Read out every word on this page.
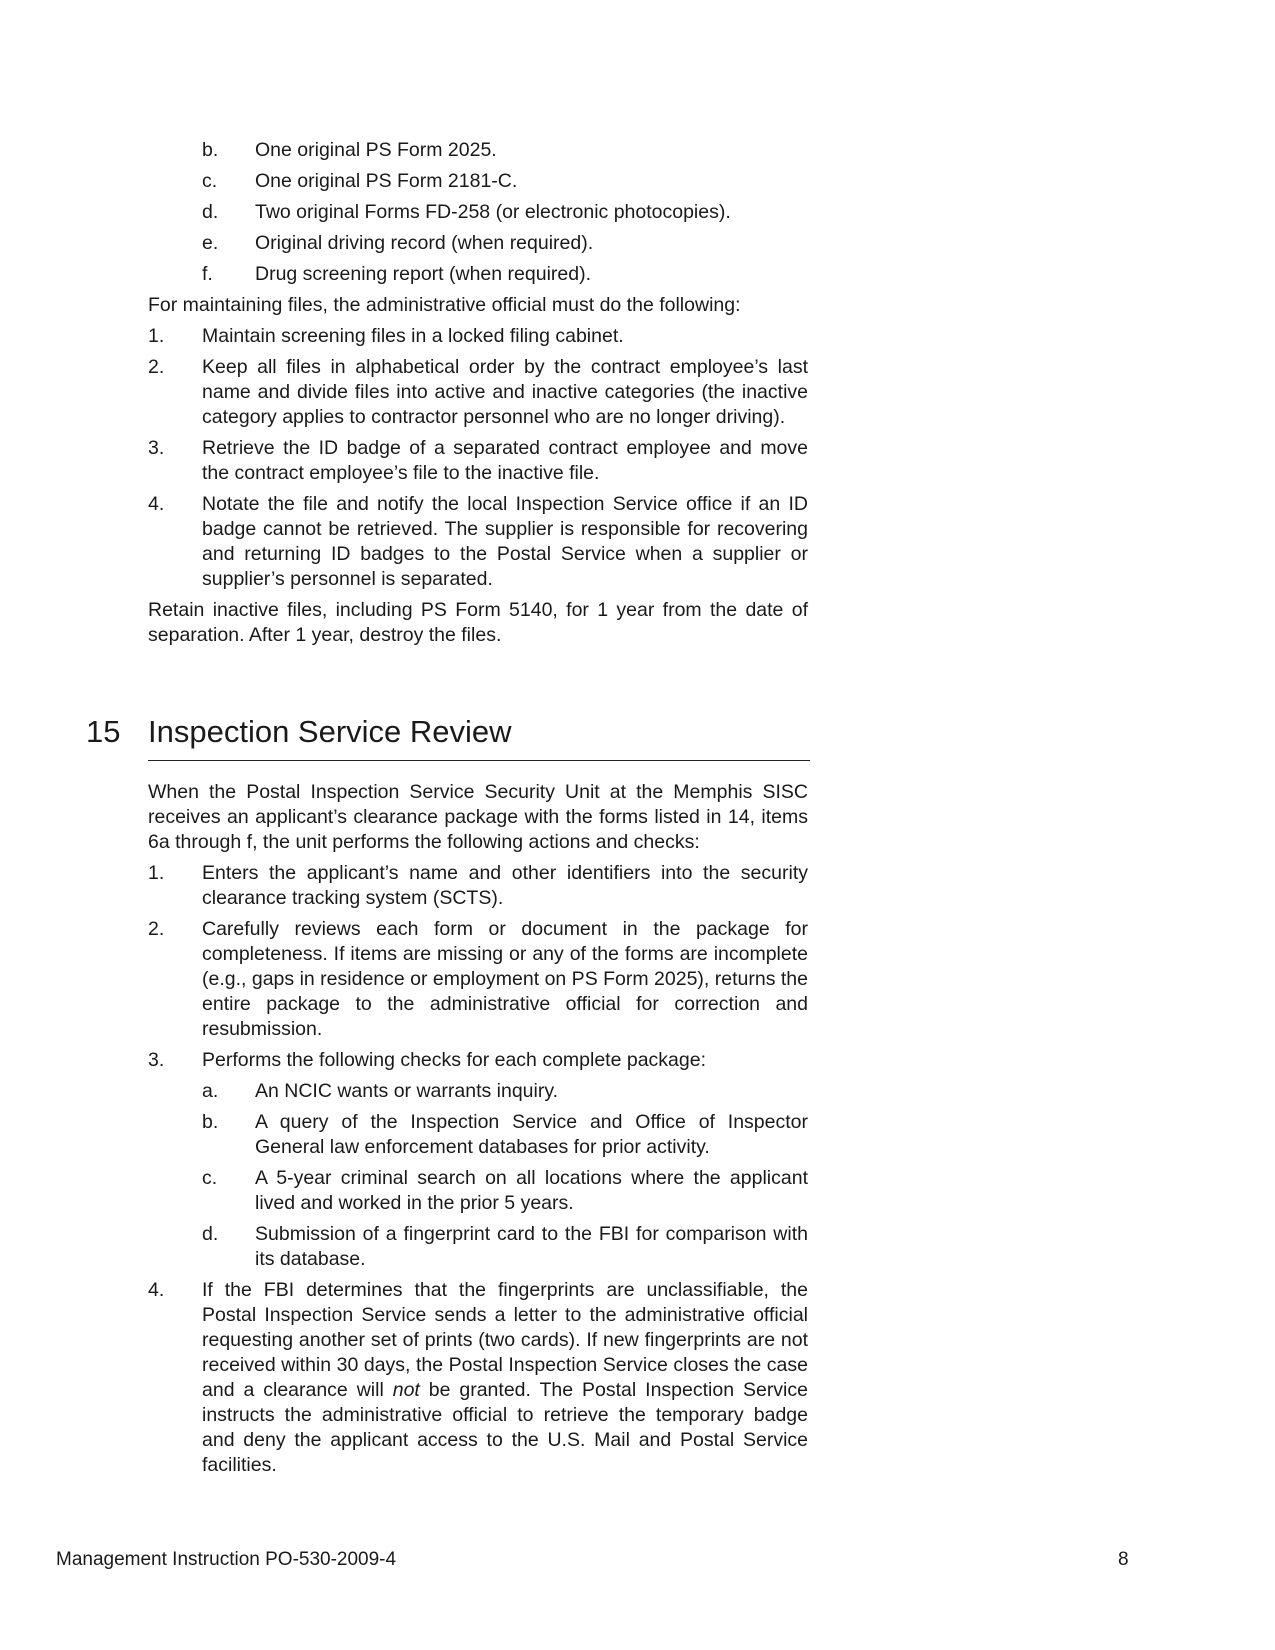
b. One original PS Form 2025.
c. One original PS Form 2181-C.
d. Two original Forms FD-258 (or electronic photocopies).
e. Original driving record (when required).
f. Drug screening report (when required).

For maintaining files, the administrative official must do the following:

1. Maintain screening files in a locked filing cabinet.
2. Keep all files in alphabetical order by the contract employee’s last name and divide files into active and inactive categories (the inactive category applies to contractor personnel who are no longer driving).
3. Retrieve the ID badge of a separated contract employee and move the contract employee’s file to the inactive file.
4. Notate the file and notify the local Inspection Service office if an ID badge cannot be retrieved. The supplier is responsible for recovering and returning ID badges to the Postal Service when a supplier or supplier’s personnel is separated.

Retain inactive files, including PS Form 5140, for 1 year from the date of separation. After 1 year, destroy the files.

15 Inspection Service Review

When the Postal Inspection Service Security Unit at the Memphis SISC receives an applicant’s clearance package with the forms listed in 14, items 6a through f, the unit performs the following actions and checks:

1. Enters the applicant’s name and other identifiers into the security clearance tracking system (SCTS).
2. Carefully reviews each form or document in the package for completeness. If items are missing or any of the forms are incomplete (e.g., gaps in residence or employment on PS Form 2025), returns the entire package to the administrative official for correction and resubmission.
3. Performs the following checks for each complete package:
a. An NCIC wants or warrants inquiry.
b. A query of the Inspection Service and Office of Inspector General law enforcement databases for prior activity.
c. A 5-year criminal search on all locations where the applicant lived and worked in the prior 5 years.
d. Submission of a fingerprint card to the FBI for comparison with its database.
4. If the FBI determines that the fingerprints are unclassifiable, the Postal Inspection Service sends a letter to the administrative official requesting another set of prints (two cards). If new fingerprints are not received within 30 days, the Postal Inspection Service closes the case and a clearance will not be granted. The Postal Inspection Service instructs the administrative official to retrieve the temporary badge and deny the applicant access to the U.S. Mail and Postal Service facilities.
Management Instruction PO-530-2009-4	8
